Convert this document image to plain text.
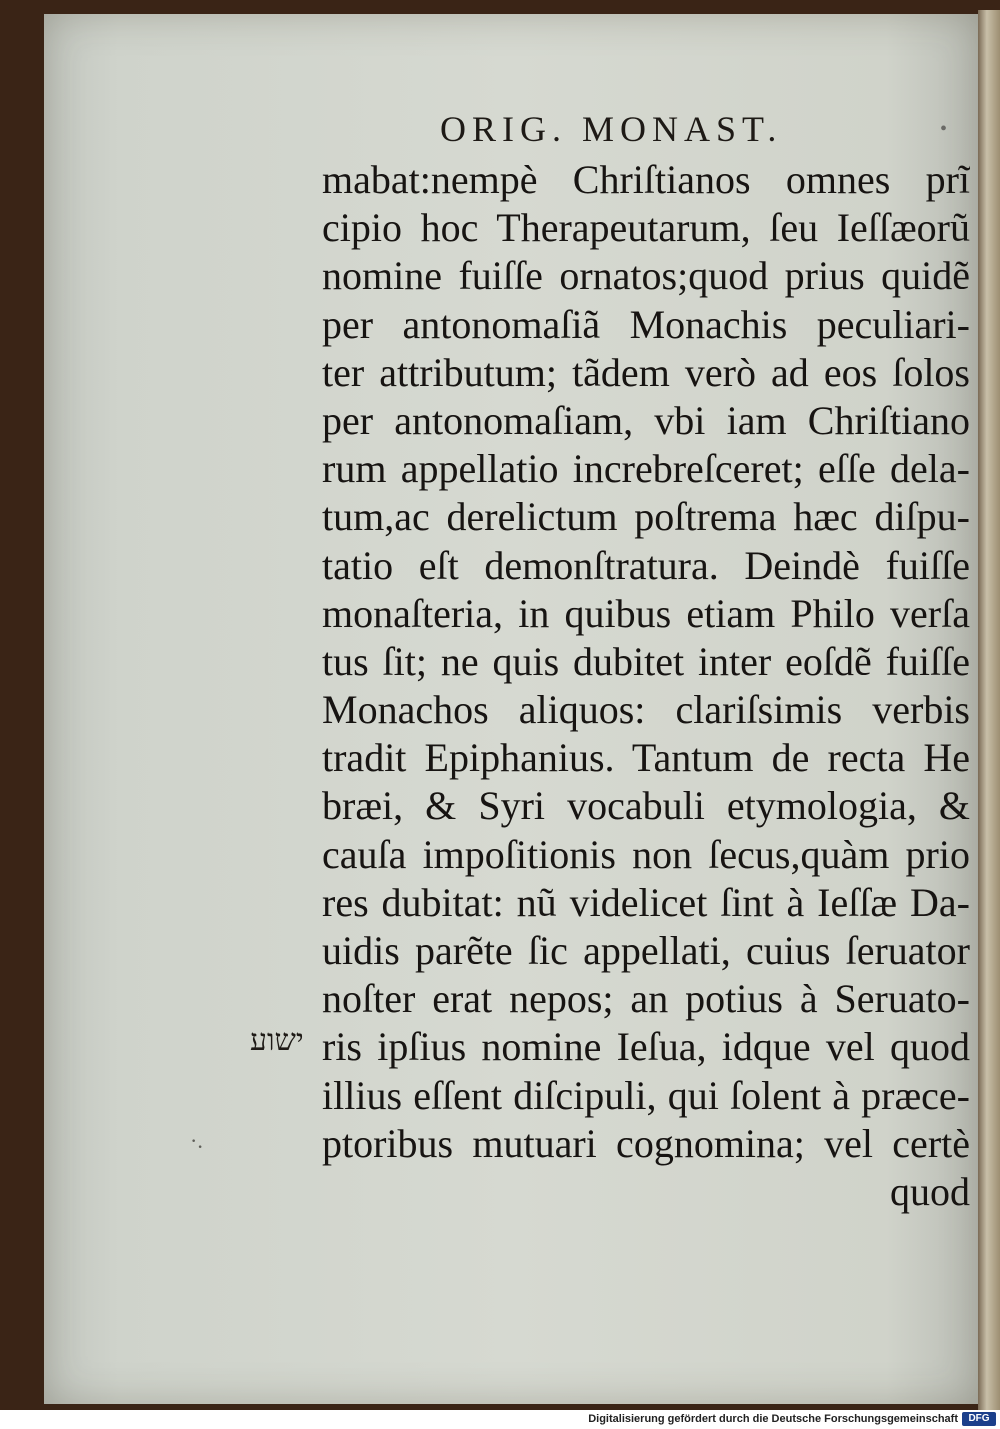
ORIG. MONAST.	•
mabat:nempè Chriſtianos omnes prĩ
cipio hoc Therapeutarum, ſeu Ieſſæorũ
nomine fuiſſe ornatos;quod prius quidẽ
per antonomaſiã Monachis peculiari-
ter attributum; tãdem verò ad eos ſolos
per antonomaſiam, vbi iam Chriſtiano
rum appellatio increbreſceret; eſſe dela-
tum,ac derelictum poſtrema hæc diſpu-
tatio eſt demonſtratura. Deindè fuiſſe
monaſteria, in quibus etiam Philo verſa
tus ſit; ne quis dubitet inter eoſdẽ fuiſſe
Monachos aliquos: clariſsimis verbis
tradit Epiphanius. Tantum de recta He
bræi, & Syri vocabuli etymologia, &
cauſa impoſitionis non ſecus,quàm prio
res dubitat: nũ videlicet ſint à Ieſſæ Da-
uidis parẽte ſic appellati, cuius ſeruator
noſter erat nepos; an potius à Seruato-
ris ipſius nomine Ieſua, idque vel quod
illius eſſent diſcipuli, qui ſolent à præce-
ptoribus mutuari cognomina; vel certè
quod
ישוע
·.
Digitalisierung gefördert durch die Deutsche Forschungsgemeinschaft	DFG
